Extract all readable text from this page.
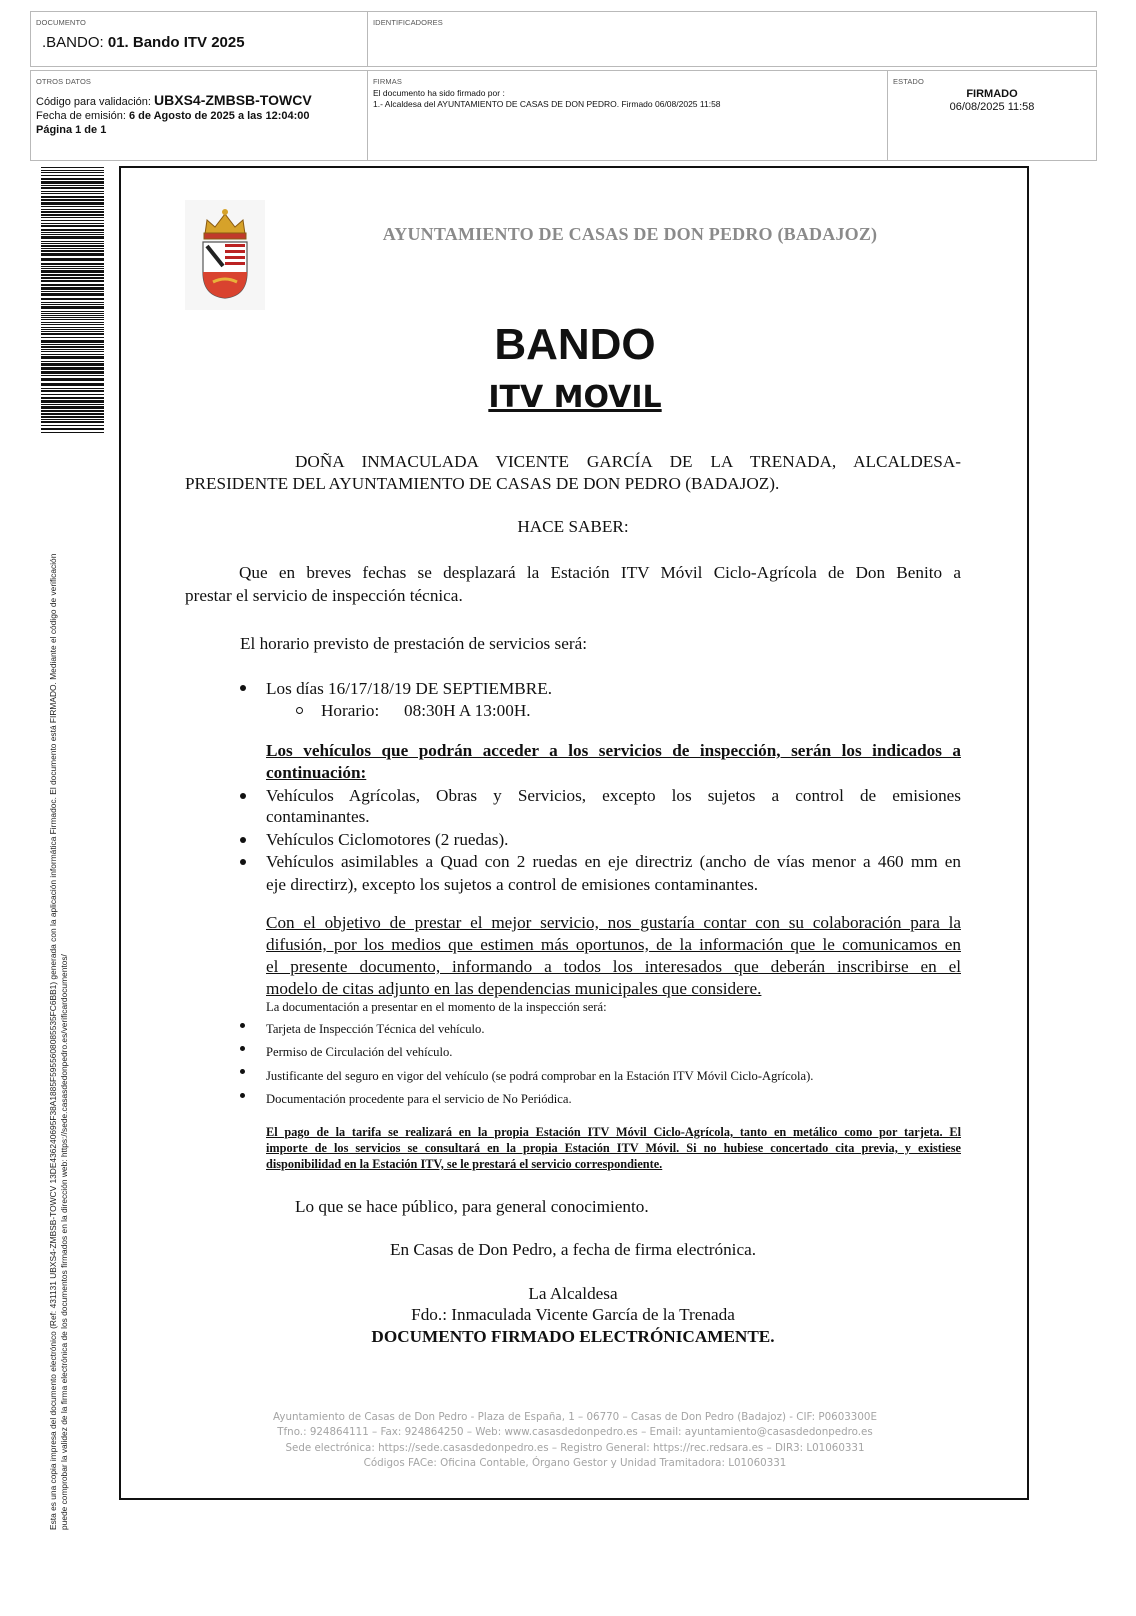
DOCUMENTO
.BANDO: 01. Bando ITV 2025
IDENTIFICADORES
OTROS DATOS
Código para validación: UBXS4-ZMBSB-TOWCV
Fecha de emisión: 6 de Agosto de 2025 a las 12:04:00
Página 1 de 1
FIRMAS
El documento ha sido firmado por :
1.- Alcaldesa del AYUNTAMIENTO DE CASAS DE DON PEDRO. Firmado 06/08/2025 11:58
ESTADO
FIRMADO
06/08/2025 11:58
Esta es una copia impresa del documento electrónico (Ref: 431131 UBXS4-ZMBSB-TOWCV 13DE436240695F38A1885F5955608085535FC6BB1) generada con la aplicación informática Firmadoc. El documento está FIRMADO. Mediante el código de verificación puede comprobar la validez de la firma electrónica de los documentos firmados en la dirección web: https://sede.casasdedonpedro.es/verificardocumentos/
AYUNTAMIENTO DE CASAS DE DON PEDRO (BADAJOZ)
BANDO
ITV MOVIL
DOÑA INMACULADA VICENTE GARCÍA DE LA TRENADA, ALCALDESA-
PRESIDENTE DEL AYUNTAMIENTO DE CASAS DE DON PEDRO (BADAJOZ).
HACE SABER:
Que en breves fechas se desplazará la Estación ITV Móvil Ciclo-Agrícola de Don Benito a
prestar el servicio de inspección técnica.
El horario previsto de prestación de servicios será:
Los días 16/17/18/19 DE SEPTIEMBRE.
Horario: 08:30H A 13:00H.
Los vehículos que podrán acceder a los servicios de inspección, serán los indicados a
continuación:
Vehículos Agrícolas, Obras y Servicios, excepto los sujetos a control de emisiones
contaminantes.
Vehículos Ciclomotores (2 ruedas).
Vehículos asimilables a Quad con 2 ruedas en eje directriz (ancho de vías menor a 460 mm en
eje directirz), excepto los sujetos a control de emisiones contaminantes.
Con el objetivo de prestar el mejor servicio, nos gustaría contar con su colaboración para la
difusión, por los medios que estimen más oportunos, de la información que le comunicamos en
el presente documento, informando a todos los interesados que deberán inscribirse en el
modelo de citas adjunto en las dependencias municipales que considere.
La documentación a presentar en el momento de la inspección será:
Tarjeta de Inspección Técnica del vehículo.
Permiso de Circulación del vehículo.
Justificante del seguro en vigor del vehículo (se podrá comprobar en la Estación ITV Móvil Ciclo-Agrícola).
Documentación procedente para el servicio de No Periódica.
El pago de la tarifa se realizará en la propia Estación ITV Móvil Ciclo-Agrícola, tanto en metálico como por tarjeta. El
importe de los servicios se consultará en la propia Estación ITV Móvil. Si no hubiese concertado cita previa, y existiese
disponibilidad en la Estación ITV, se le prestará el servicio correspondiente.
Lo que se hace público, para general conocimiento.
En Casas de Don Pedro, a fecha de firma electrónica.
La Alcaldesa
Fdo.: Inmaculada Vicente García de la Trenada
DOCUMENTO FIRMADO ELECTRÓNICAMENTE.
Ayuntamiento de Casas de Don Pedro - Plaza de España, 1 – 06770 – Casas de Don Pedro (Badajoz) - CIF: P0603300E
Tfno.: 924864111 – Fax: 924864250 – Web: www.casasdedonpedro.es – Email: ayuntamiento@casasdedonpedro.es
Sede electrónica: https://sede.casasdedonpedro.es – Registro General: https://rec.redsara.es – DIR3: L01060331
Códigos FACe: Oficina Contable, Órgano Gestor y Unidad Tramitadora: L01060331
